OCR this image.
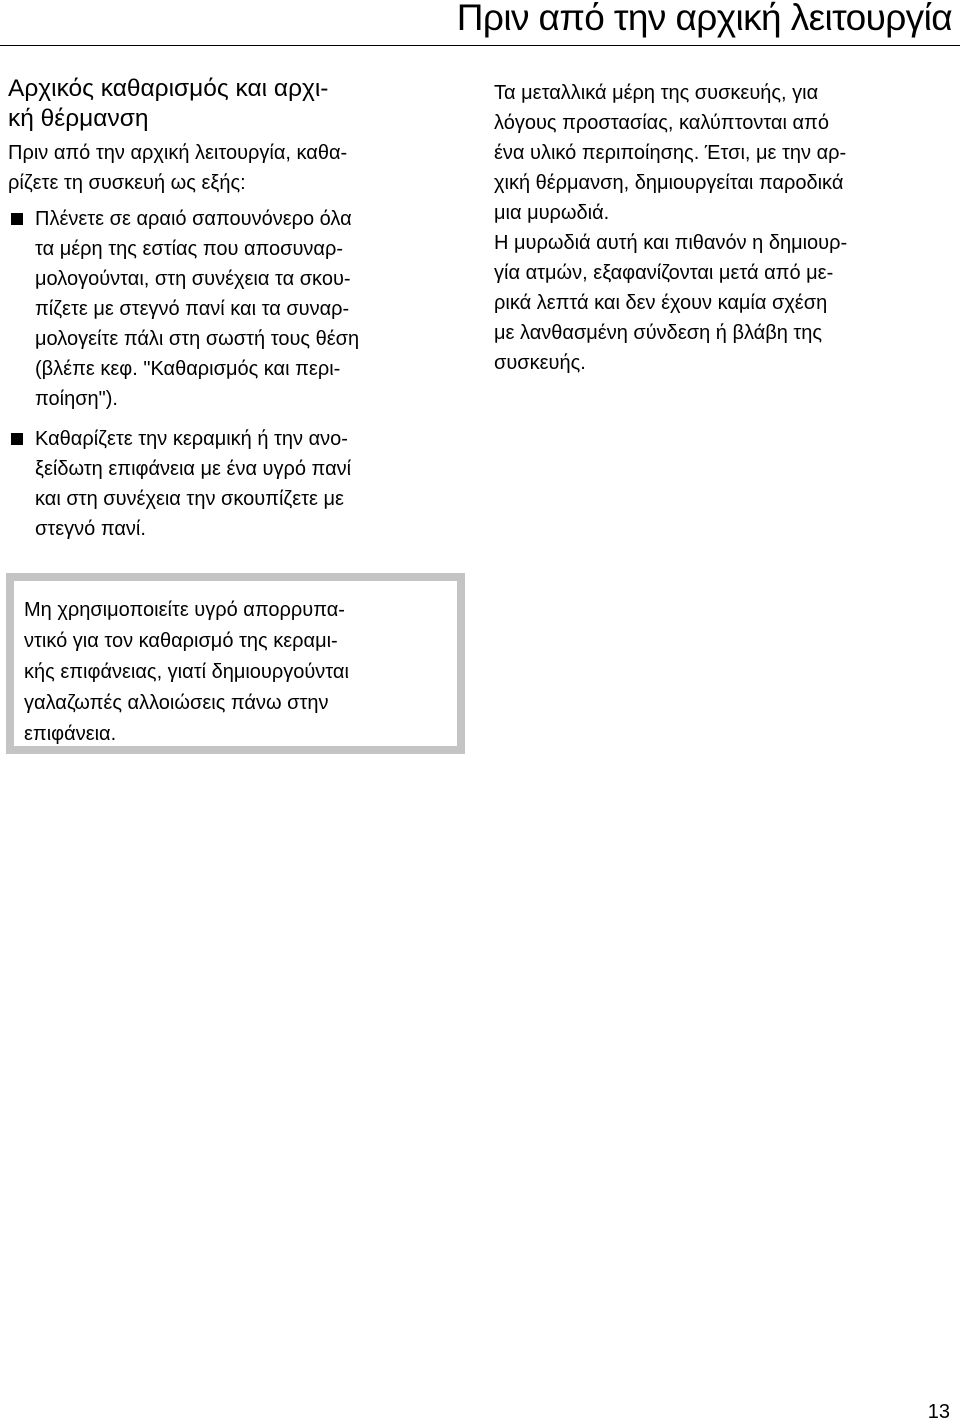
Πριν από την αρχική λειτουργία
Αρχικός καθαρισμός και αρχι-
κή θέρμανση

Πριν από την αρχική λειτουργία, καθα-
ρίζετε τη συσκευή ως εξής:

Πλένετε σε αραιό σαπουνόνερο όλα
τα μέρη της εστίας που αποσυναρ-
μολογούνται, στη συνέχεια τα σκου-
πίζετε με στεγνό πανί και τα συναρ-
μολογείτε πάλι στη σωστή τους θέση
(βλέπε κεφ. "Καθαρισμός και περι-
ποίηση").
Καθαρίζετε την κεραμική ή την ανο-
ξείδωτη επιφάνεια με ένα υγρό πανί
και στη συνέχεια την σκουπίζετε με
στεγνό πανί.
Μη χρησιμοποιείτε υγρό απορρυπα-
ντικό για τον καθαρισμό της κεραμι-
κής επιφάνειας, γιατί δημιουργούνται
γαλαζωπές αλλοιώσεις πάνω στην
επιφάνεια.

Τα μεταλλικά μέρη της συσκευής, για
λόγους προστασίας, καλύπτονται από
ένα υλικό περιποίησης. Έτσι, με την αρ-
χική θέρμανση, δημιουργείται παροδικά
μια μυρωδιά.

Η μυρωδιά αυτή και πιθανόν η δημιουρ-
γία ατμών, εξαφανίζονται μετά από με-
ρικά λεπτά και δεν έχουν καμία σχέση
με λανθασμένη σύνδεση ή βλάβη της
συσκευής.

13
